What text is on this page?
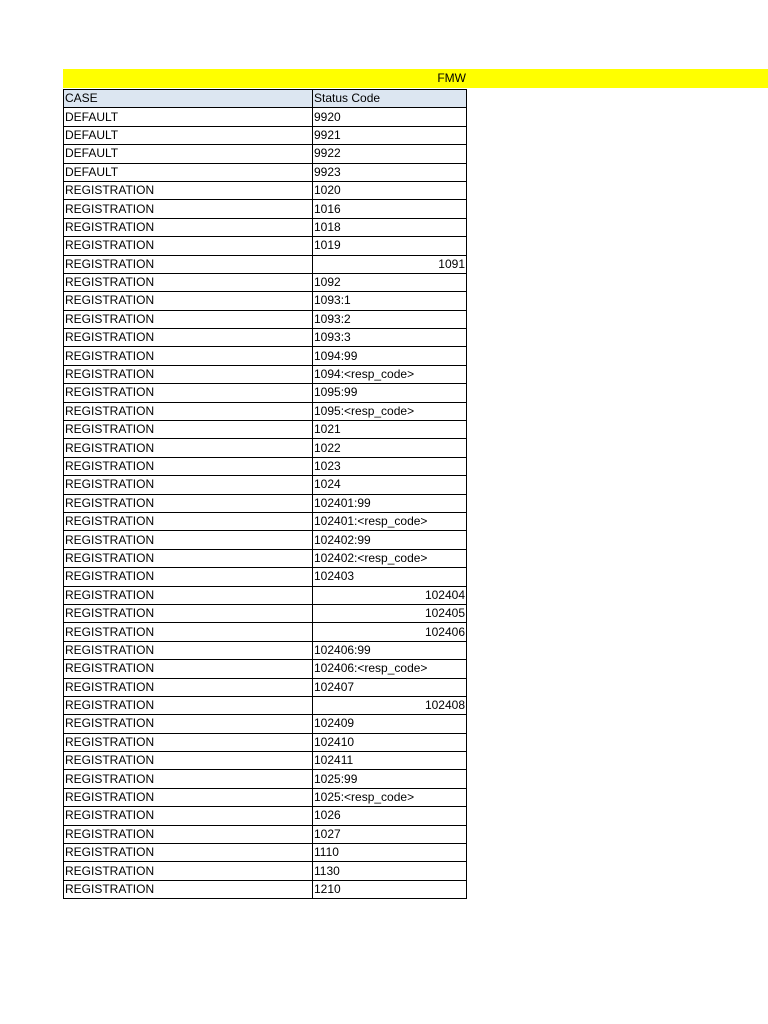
FMW
CASE	Status Code
DEFAULT	9920
DEFAULT	9921
DEFAULT	9922
DEFAULT	9923
REGISTRATION	1020
REGISTRATION	1016
REGISTRATION	1018
REGISTRATION	1019
REGISTRATION	1091
REGISTRATION	1092
REGISTRATION	1093:1
REGISTRATION	1093:2
REGISTRATION	1093:3
REGISTRATION	1094:99
REGISTRATION	1094:<resp_code>
REGISTRATION	1095:99
REGISTRATION	1095:<resp_code>
REGISTRATION	1021
REGISTRATION	1022
REGISTRATION	1023
REGISTRATION	1024
REGISTRATION	102401:99
REGISTRATION	102401:<resp_code>
REGISTRATION	102402:99
REGISTRATION	102402:<resp_code>
REGISTRATION	102403
REGISTRATION	102404
REGISTRATION	102405
REGISTRATION	102406
REGISTRATION	102406:99
REGISTRATION	102406:<resp_code>
REGISTRATION	102407
REGISTRATION	102408
REGISTRATION	102409
REGISTRATION	102410
REGISTRATION	102411
REGISTRATION	1025:99
REGISTRATION	1025:<resp_code>
REGISTRATION	1026
REGISTRATION	1027
REGISTRATION	1110
REGISTRATION	1130
REGISTRATION	1210
